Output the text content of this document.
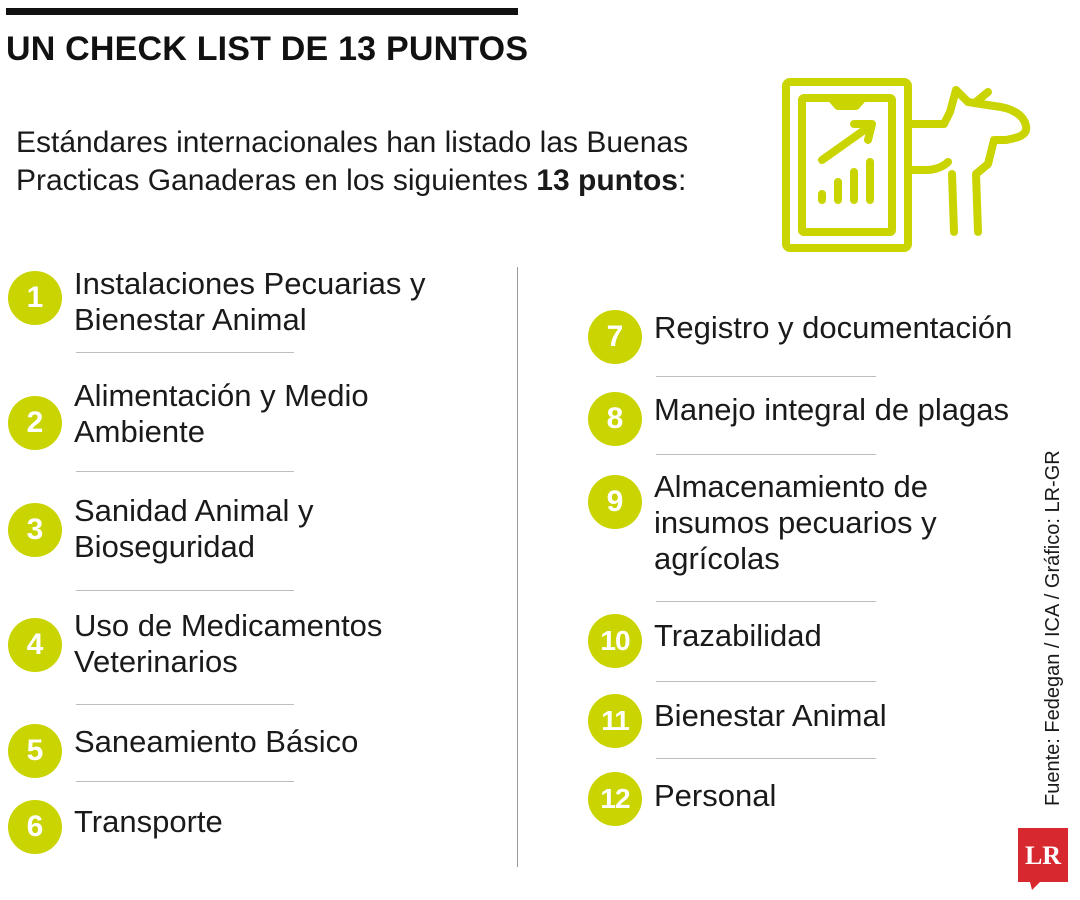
UN CHECK LIST DE 13 PUNTOS
Estándares internacionales han listado las Buenas
Practicas Ganaderas en los siguientes 13 puntos:
1 Instalaciones Pecuarias y
Bienestar Animal
2
Alimentación y Medio
Ambiente
3
Sanidad Animal y
Bioseguridad
4
Uso de Medicamentos
Veterinarios
5 Saneamiento Básico
6 Transporte
7 Registro y documentación
8 Manejo integral de plagas
9 Almacenamiento de
insumos pecuarios y
agrícolas
10 Trazabilidad
11 Bienestar Animal
12 Personal	Fuente: Fedegan / ICA / Gráfico: LR-GR
LR
